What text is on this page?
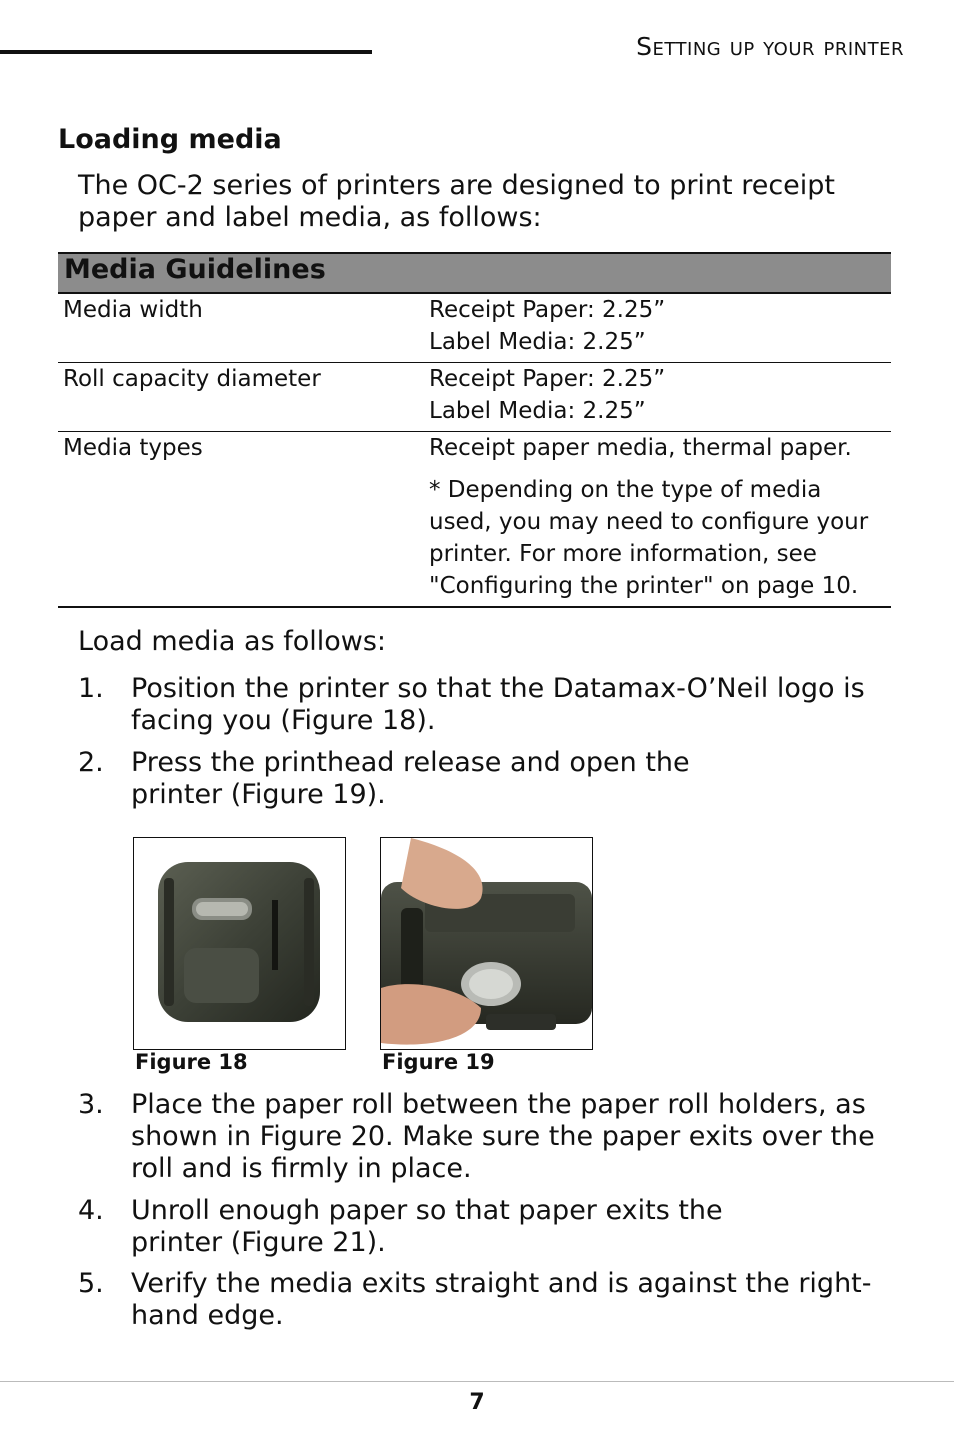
Setting up your printer
Loading media
The OC-2 series of printers are designed to print receipt paper and label media, as follows:
Media Guidelines
Media width	Receipt Paper: 2.25”
Label Media: 2.25”
Roll capacity diameter	Receipt Paper: 2.25”
Label Media: 2.25”
Media types	Receipt paper media, thermal paper.
* Depending on the type of media used, you may need to configure your printer. For more information, see "Configuring the printer" on page 10.
Load media as follows:
1. Position the printer so that the Datamax-O’Neil logo is facing you (Figure 18).
2. Press the printhead release and open the printer (Figure 19).
Figure 18	Figure 19
3. Place the paper roll between the paper roll holders, as shown in Figure 20. Make sure the paper exits over the roll and is firmly in place.
4. Unroll enough paper so that paper exits the printer (Figure 21).
5. Verify the media exits straight and is against the right-hand edge.
7
